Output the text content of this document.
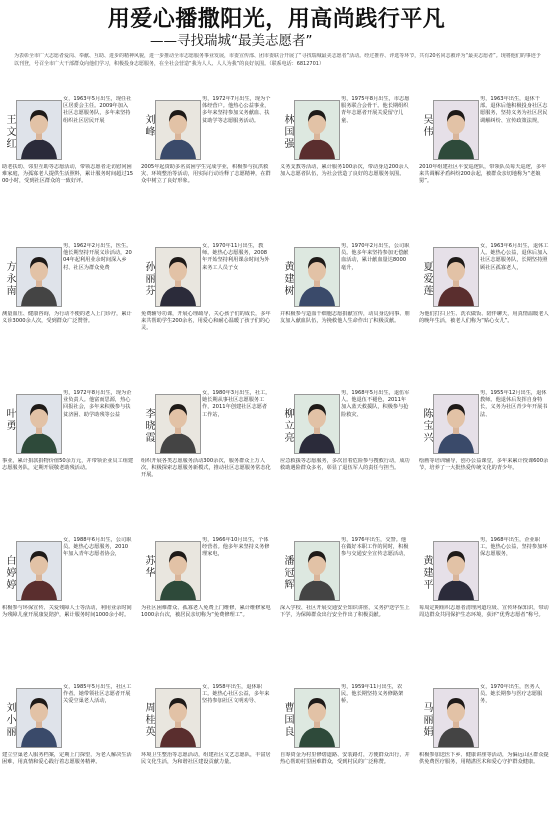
用爱心播撒阳光，用高尚践行平凡
——寻找瑞城“最美志愿者”
为表彰全市广大志愿者爱岗、奉献、互助、进步的精神风貌，进一步推动全市志愿服务事业发展，市委宣传部、团市委联合开展了“寻找瑞城最美志愿者”活动。经过推荐、评选等环节，共有20名同志被评为“最美志愿者”。现将他们的事迹予以刊登，号召全市广大干部群众向他们学习，积极投身志愿服务，在全社会营造“我为人人、人人为我”的良好氛围。（联系电话：6812701）
王文红
女，1963年5月出生，现任社区居委会主任。2009年加入社区志愿服务队，多年来坚持组织社区居民开展
助老扶幼、邻里互助等志愿活动，带领志愿者走访慰问困难家庭，为孤寡老人提供生活照料，累计服务时间超过1500小时，受到社区群众的一致好评。
刘峰
男，1972年7月出生，现为个体经营户。他热心公益事业，多年来坚持参加义务献血、扶贫助学等志愿服务活动。
2005年起资助多名贫困学生完成学业，积极参与抗洪救灾、环境整治等活动，用实际行动诠释了志愿精神，在群众中树立了良好形象。
林国强
男，1975年8月出生，市志愿服务联合会骨干。他长期组织青年志愿者开展关爱留守儿童、
义务支教等活动，累计服务100余次，带动身边200余人加入志愿者队伍，为社会营造了良好的志愿服务氛围。
吴伟
男，1963年出生，退休干部。退休后他积极投身社区志愿服务，坚持义务为社区居民调解纠纷、宣传政策法规，
2010年组建社区平安巡逻队，带领队员每天巡逻，多年来共调解矛盾纠纷200余起，被群众亲切地称为“老娘舅”。
方永南
男，1962年2月出生，医生。他长期坚持开展义诊活动，2004年起利用业余时间深入乡村、社区为群众免费
测量血压、健康咨询，为行动不便的老人上门诊疗，累计义诊3000余人次，受到群众广泛赞誉。
孙丽芬
女，1970年11月出生，教师。她热心志愿服务，2008年开始坚持利用课余时间为外来务工人员子女
免费辅导功课，开展心理疏导，关心孩子们的成长，多年来共帮助学生200余名，用爱心和耐心温暖了孩子们的心灵。
黄建树
男，1970年2月出生，公司职员。他多年来坚持参加无偿献血活动，累计献血量达8000毫升，
并积极参与造血干细胞志愿捐献宣传，动员身边同事、朋友加入献血队伍，为挽救他人生命作出了积极贡献。
夏爱莲
女，1963年6月出生，退休工人。她热心公益，退休后加入社区志愿服务队，长期坚持照顾社区孤寡老人，
为他们打扫卫生、洗衣做饭、陪伴聊天，用真情温暖老人的晚年生活，被老人们称为“贴心女儿”。
叶勇
男，1972年8月出生，现为企业负责人。他富而思源，热心回报社会，多年来积极参与扶贫济困、助学助残等公益
事业，累计捐款捐物价值50余万元，并带领企业员工组建志愿服务队，定期开展敬老助残活动。
李晓霞
女，1980年3月出生，社工。她长期从事社区志愿服务工作，2011年创建社区志愿者工作站，
组织开展各类志愿服务活动300余次，服务群众上万人次，积极探索志愿服务新模式，推动社区志愿服务常态化开展。
柳立亮
男，1968年5月出生，退伍军人。他退伍不褪色，2011年加入蓝天救援队，积极参与抢险救灾、
应急救援等志愿服务，多次冒着危险参与搜救行动，成功救助遇险群众多名，彰显了退伍军人的责任与担当。
陈宝兴
男，1955年12月出生，退休教师。他退休后发挥自身特长，义务为社区青少年开展书法、
绘画等培训辅导，创办公益课堂，多年来累计授课600余节，培养了一大批热爱传统文化的青少年。
白婷婷
女，1988年6月出生，公司职员。她热心志愿服务，2010年加入青年志愿者协会，
积极参与环保宣传、关爱残障人士等活动，利用业余时间为残障儿童开展康复陪护，累计服务时间1000余小时。
苏华
男，1966年10月出生，个体经营者。他多年来坚持义务修理家电，
为社区困难群众、孤寡老人免费上门维修，累计维修家电1000余台次，被居民亲切称为“免费修理工”。
潘冠辉
男，1976年出生，交警。他在做好本职工作的同时，积极参与交通安全宣传志愿活动，
深入学校、社区开展交通安全知识讲座，义务护送学生上下学，为保障群众出行安全作出了积极贡献。
黄建平
男，1968年出生，企业职工。他热心公益，坚持参加环保志愿服务，
每周定期组织志愿者清理河道垃圾、宣传环保知识，带动周边群众共同保护生态环境，获评“优秀志愿者”称号。
刘小丽
女，1985年5月出生，社区工作者。她带领社区志愿者开展关爱空巢老人活动，
建立空巢老人服务档案，定期上门探望，为老人解决生活困难，用真情和爱心践行着志愿服务精神。
周桂英
女，1958年出生，退休职工。她热心社区公益，多年来坚持参加社区文明劝导、
环境卫生整治等志愿活动，组建社区文艺志愿队，丰富居民文化生活，为和谐社区建设贡献力量。
曹国良
男，1959年11月出生，农民。他长期坚持义务修路架桥，
自筹资金为村里修缮道路、安装路灯，方便群众出行，并热心帮助村里困难群众，受到村民的广泛称赞。
马丽娟
女，1970年出生，医务人员。她长期参与医疗志愿服务，
积极参加送医下乡、健康讲座等活动，为偏远山区群众提供免费医疗服务，用精湛医术和爱心守护群众健康。
